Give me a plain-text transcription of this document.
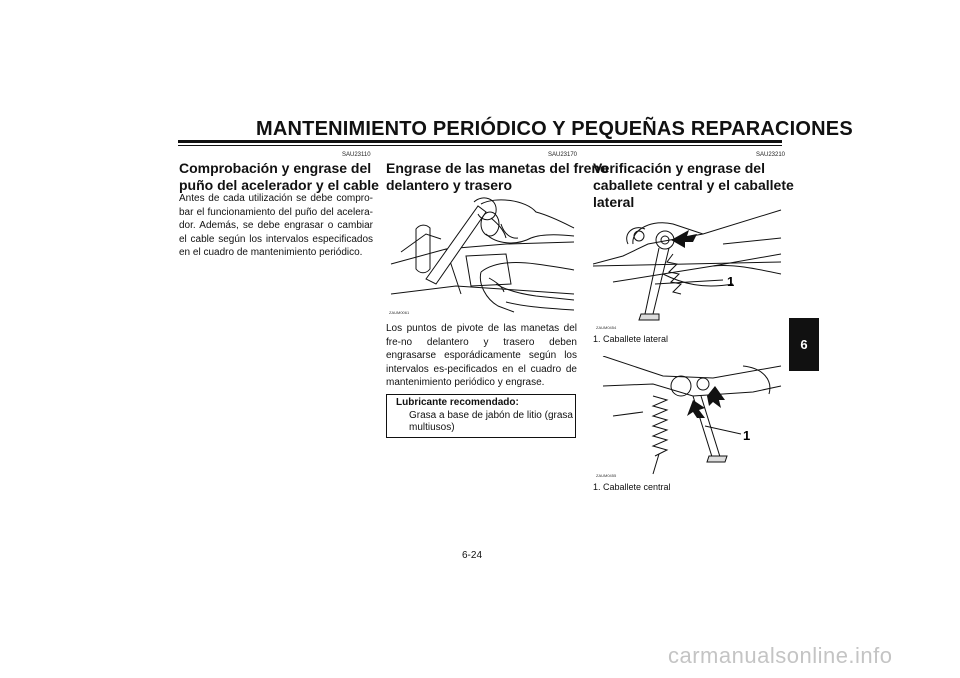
MANTENIMIENTO PERIÓDICO Y PEQUEÑAS REPARACIONES
SAU23110
Comprobación y engrase del
puño del acelerador y el cable
Antes de cada utilización se debe compro-bar el funcionamiento del puño del acelera-dor. Además, se debe engrasar o cambiar el cable según los intervalos especificados en el cuadro de mantenimiento periódico.
SAU23170
Engrase de las manetas del freno
delantero y trasero
ZAUM0061
Los puntos de pivote de las manetas del fre-no delantero y trasero deben engrasarse esporádicamente según los intervalos es-pecificados en el cuadro de mantenimiento periódico y engrase.
Lubricante recomendado:
Grasa a base de jabón de litio (grasa multiusos)
SAU23210
Verificación y engrase del
caballete central y el caballete
lateral
1
ZAUM0454
1. Caballete lateral
1
ZAUM0455
1. Caballete central
6
6-24
carmanualsonline.info
